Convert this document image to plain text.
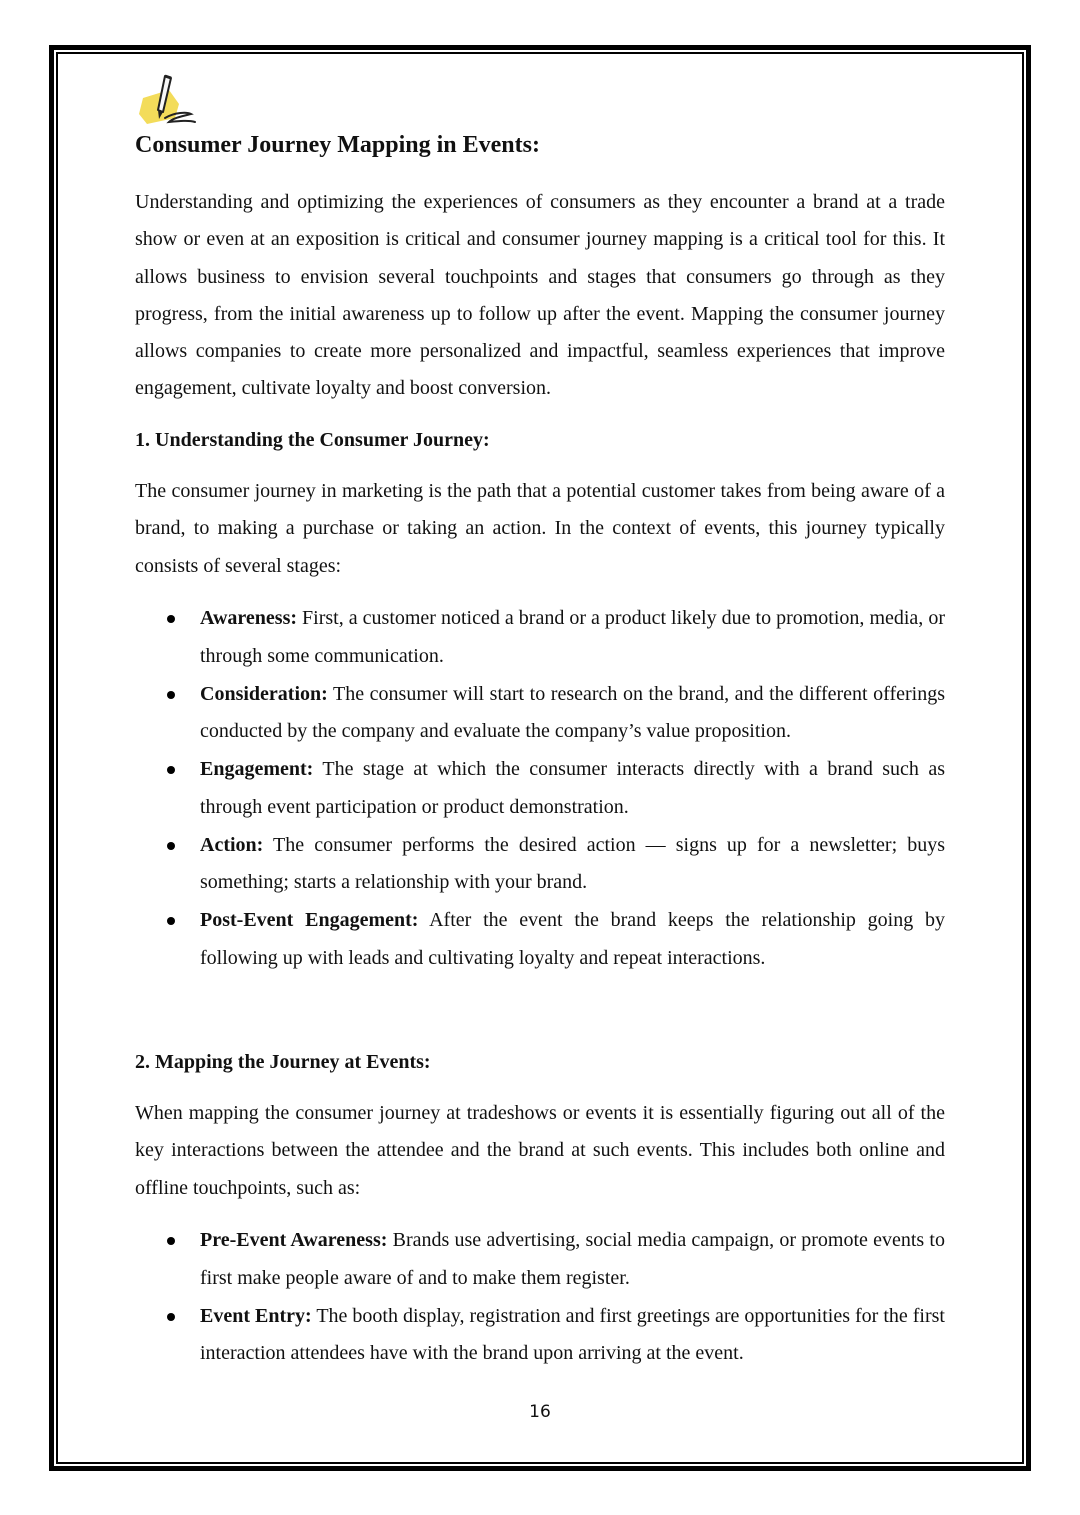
Consumer Journey Mapping in Events:

Understanding and optimizing the experiences of consumers as they encounter a brand at a trade show or even at an exposition is critical and consumer journey mapping is a critical tool for this. It allows business to envision several touchpoints and stages that consumers go through as they progress, from the initial awareness up to follow up after the event. Mapping the consumer journey allows companies to create more personalized and impactful, seamless experiences that improve engagement, cultivate loyalty and boost conversion.

1. Understanding the Consumer Journey:

The consumer journey in marketing is the path that a potential customer takes from being aware of a brand, to making a purchase or taking an action. In the context of events, this journey typically consists of several stages:

Awareness: First, a customer noticed a brand or a product likely due to promotion, media, or through some communication.
Consideration: The consumer will start to research on the brand, and the different offerings conducted by the company and evaluate the company’s value proposition.
Engagement: The stage at which the consumer interacts directly with a brand such as through event participation or product demonstration.
Action: The consumer performs the desired action — signs up for a newsletter; buys something; starts a relationship with your brand.
Post-Event Engagement: After the event the brand keeps the relationship going by following up with leads and cultivating loyalty and repeat interactions.
2. Mapping the Journey at Events:

When mapping the consumer journey at tradeshows or events it is essentially figuring out all of the key interactions between the attendee and the brand at such events. This includes both online and offline touchpoints, such as:

Pre-Event Awareness: Brands use advertising, social media campaign, or promote events to first make people aware of and to make them register.
Event Entry: The booth display, registration and first greetings are opportunities for the first interaction attendees have with the brand upon arriving at the event.
16
